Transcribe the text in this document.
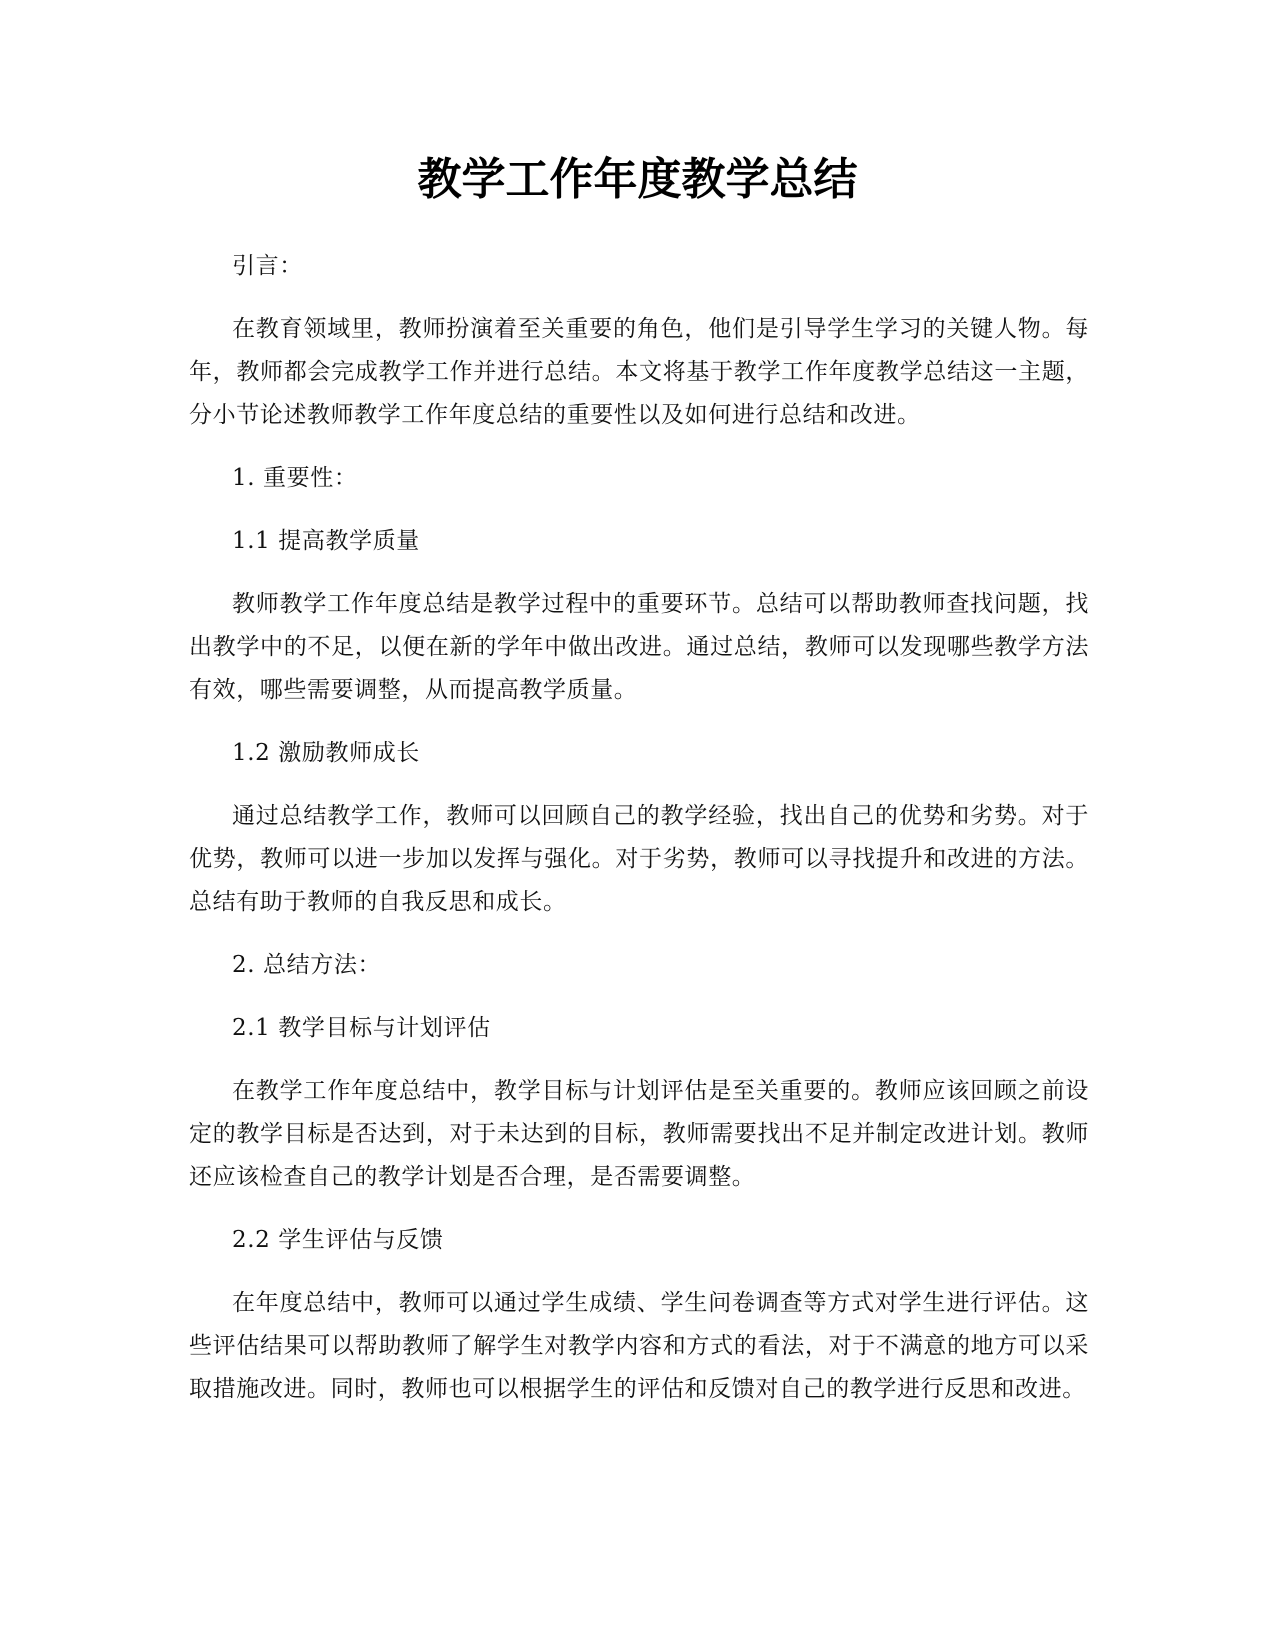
教学工作年度教学总结

引言：

在教育领域里，教师扮演着至关重要的角色，他们是引导学生学习的关键人物。每年，教师都会完成教学工作并进行总结。本文将基于教学工作年度教学总结这一主题，分小节论述教师教学工作年度总结的重要性以及如何进行总结和改进。

1. 重要性：

1.1 提高教学质量

教师教学工作年度总结是教学过程中的重要环节。总结可以帮助教师查找问题，找出教学中的不足，以便在新的学年中做出改进。通过总结，教师可以发现哪些教学方法有效，哪些需要调整，从而提高教学质量。

1.2 激励教师成长

通过总结教学工作，教师可以回顾自己的教学经验，找出自己的优势和劣势。对于优势，教师可以进一步加以发挥与强化。对于劣势，教师可以寻找提升和改进的方法。总结有助于教师的自我反思和成长。

2. 总结方法：

2.1 教学目标与计划评估

在教学工作年度总结中，教学目标与计划评估是至关重要的。教师应该回顾之前设定的教学目标是否达到，对于未达到的目标，教师需要找出不足并制定改进计划。教师还应该检查自己的教学计划是否合理，是否需要调整。

2.2 学生评估与反馈

在年度总结中，教师可以通过学生成绩、学生问卷调查等方式对学生进行评估。这些评估结果可以帮助教师了解学生对教学内容和方式的看法，对于不满意的地方可以采取措施改进。同时，教师也可以根据学生的评估和反馈对自己的教学进行反思和改进。
